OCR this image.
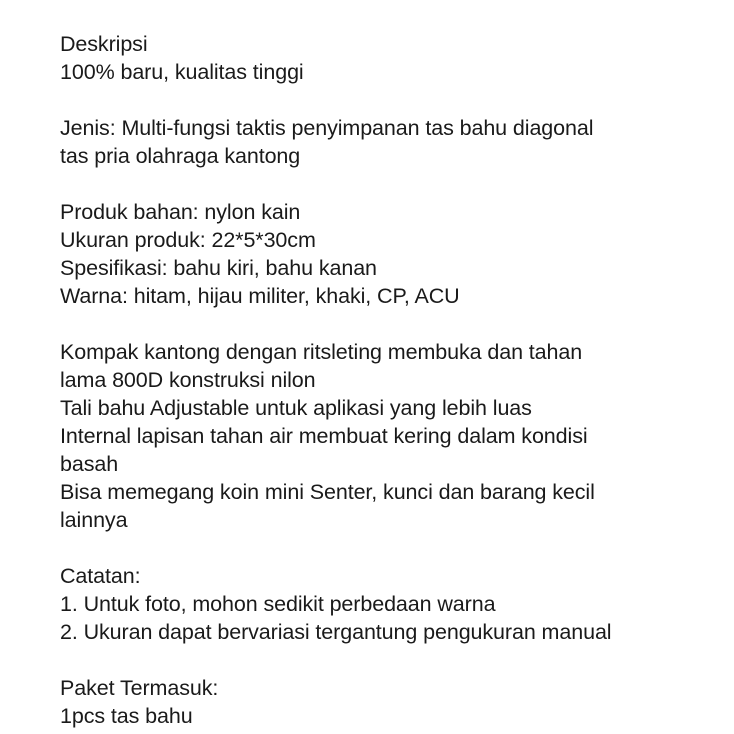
Deskripsi
100% baru, kualitas tinggi
Jenis: Multi-fungsi taktis penyimpanan tas bahu diagonal
tas pria olahraga kantong
Produk bahan: nylon kain
Ukuran produk: 22*5*30cm
Spesifikasi: bahu kiri, bahu kanan
Warna: hitam, hijau militer, khaki, CP, ACU
Kompak kantong dengan ritsleting membuka dan tahan
lama 800D konstruksi nilon
Tali bahu Adjustable untuk aplikasi yang lebih luas
Internal lapisan tahan air membuat kering dalam kondisi
basah
Bisa memegang koin mini Senter, kunci dan barang kecil
lainnya
Catatan:
1. Untuk foto, mohon sedikit perbedaan warna
2. Ukuran dapat bervariasi tergantung pengukuran manual
Paket Termasuk:
1pcs tas bahu
